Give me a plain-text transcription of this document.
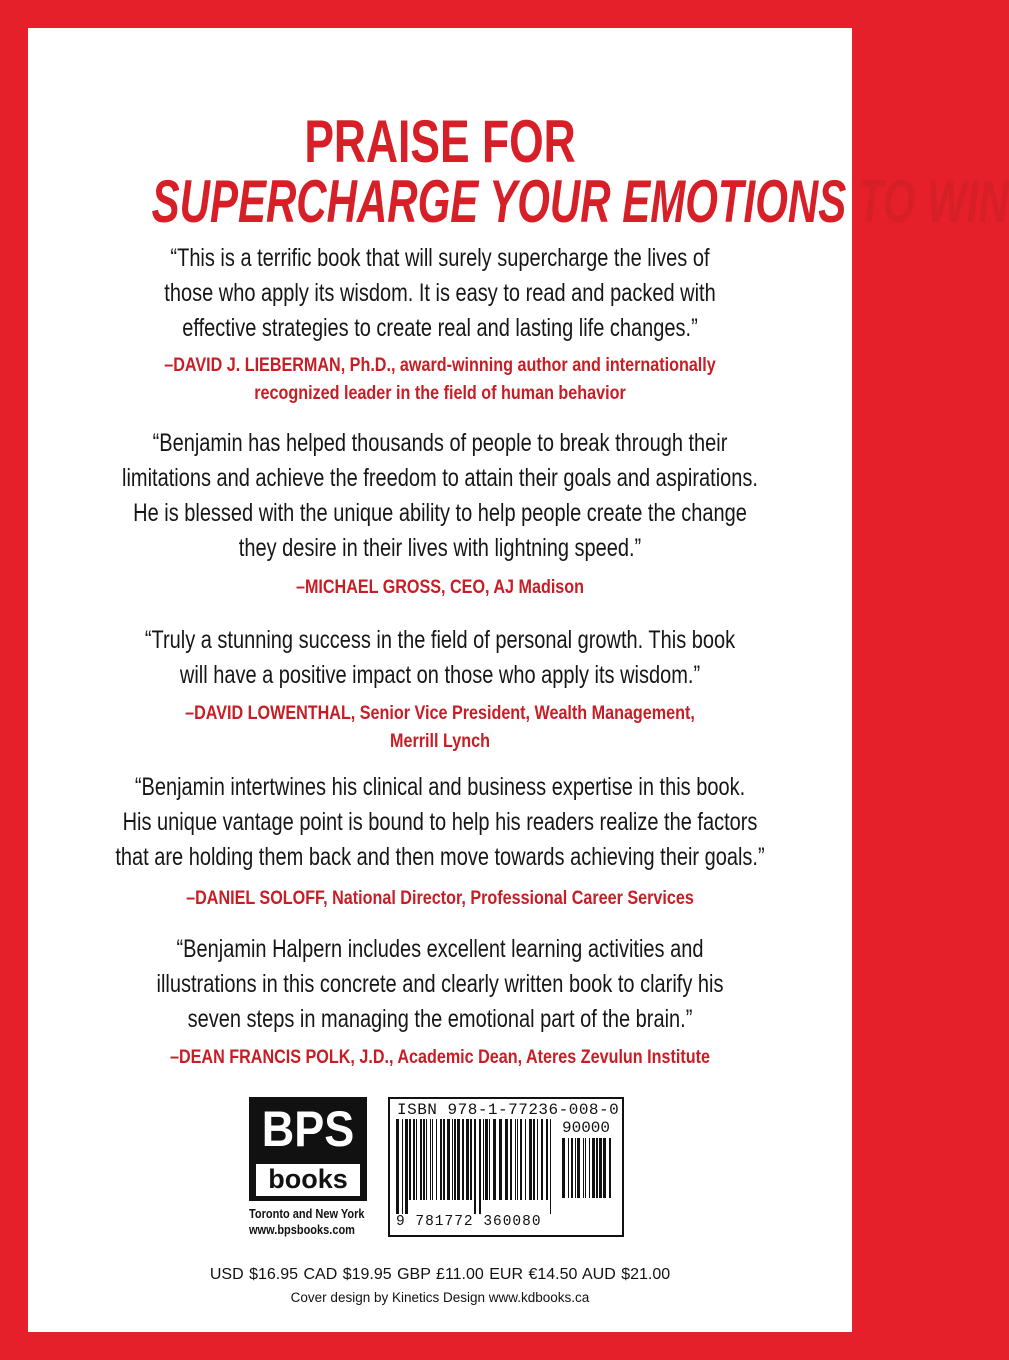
PRAISE FOR
SUPERCHARGE YOUR EMOTIONS TO WIN
“This is a terrific book that will surely supercharge the lives of
those who apply its wisdom. It is easy to read and packed with
effective strategies to create real and lasting life changes.”
–DAVID J. LIEBERMAN, Ph.D., award-winning author and internationally
recognized leader in the field of human behavior
“Benjamin has helped thousands of people to break through their
limitations and achieve the freedom to attain their goals and aspirations.
He is blessed with the unique ability to help people create the change
they desire in their lives with lightning speed.”
–MICHAEL GROSS, CEO, AJ Madison
“Truly a stunning success in the field of personal growth. This book
will have a positive impact on those who apply its wisdom.”
–DAVID LOWENTHAL, Senior Vice President, Wealth Management,
Merrill Lynch
“Benjamin intertwines his clinical and business expertise in this book.
His unique vantage point is bound to help his readers realize the factors
that are holding them back and then move towards achieving their goals.”
–DANIEL SOLOFF, National Director, Professional Career Services
“Benjamin Halpern includes excellent learning activities and
illustrations in this concrete and clearly written book to clarify his
seven steps in managing the emotional part of the brain.”
–DEAN FRANCIS POLK, J.D., Academic Dean, Ateres Zevulun Institute
BPS
books
Toronto and New York
www.bpsbooks.com
ISBN 978-1-77236-008-0
90000
9 781772 360080
USD $16.95 CAD $19.95 GBP £11.00 EUR €14.50 AUD $21.00
Cover design by Kinetics Design www.kdbooks.ca
